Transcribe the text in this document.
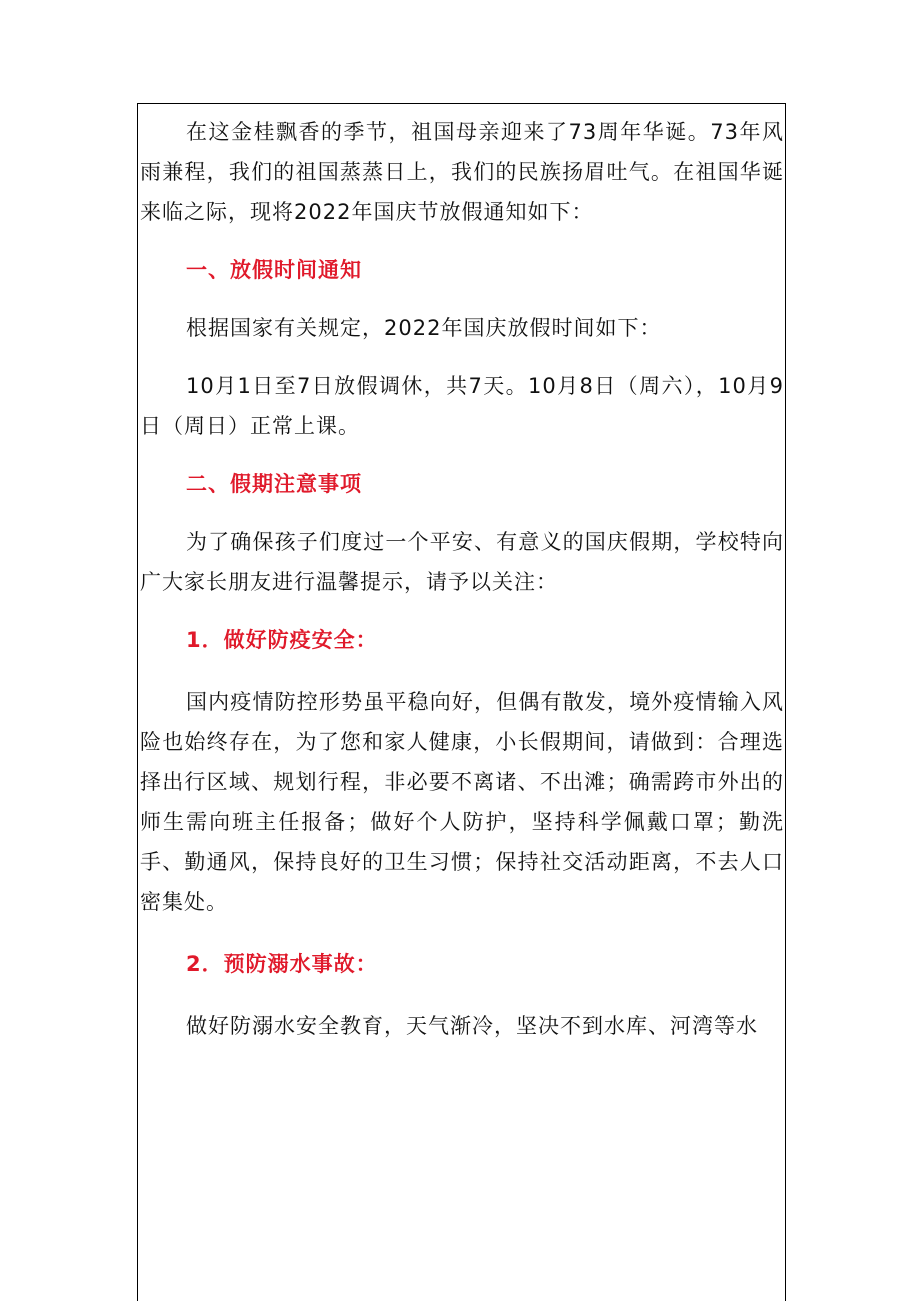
在这金桂飘香的季节，祖国母亲迎来了73周年华诞。73年风雨兼程，我们的祖国蒸蒸日上，我们的民族扬眉吐气。在祖国华诞来临之际，现将2022年国庆节放假通知如下：

一、放假时间通知

根据国家有关规定，2022年国庆放假时间如下：

10月1日至7日放假调休，共7天。10月8日（周六），10月9日（周日）正常上课。

二、假期注意事项

为了确保孩子们度过一个平安、有意义的国庆假期，学校特向广大家长朋友进行温馨提示，请予以关注：

1．做好防疫安全：

国内疫情防控形势虽平稳向好，但偶有散发，境外疫情输入风险也始终存在，为了您和家人健康，小长假期间，请做到：合理选择出行区域、规划行程，非必要不离诸、不出滩；确需跨市外出的师生需向班主任报备；做好个人防护，坚持科学佩戴口罩；勤洗手、勤通风，保持良好的卫生习惯；保持社交活动距离，不去人口密集处。

2．预防溺水事故：

做好防溺水安全教育，天气渐冷，坚决不到水库、河湾等水
